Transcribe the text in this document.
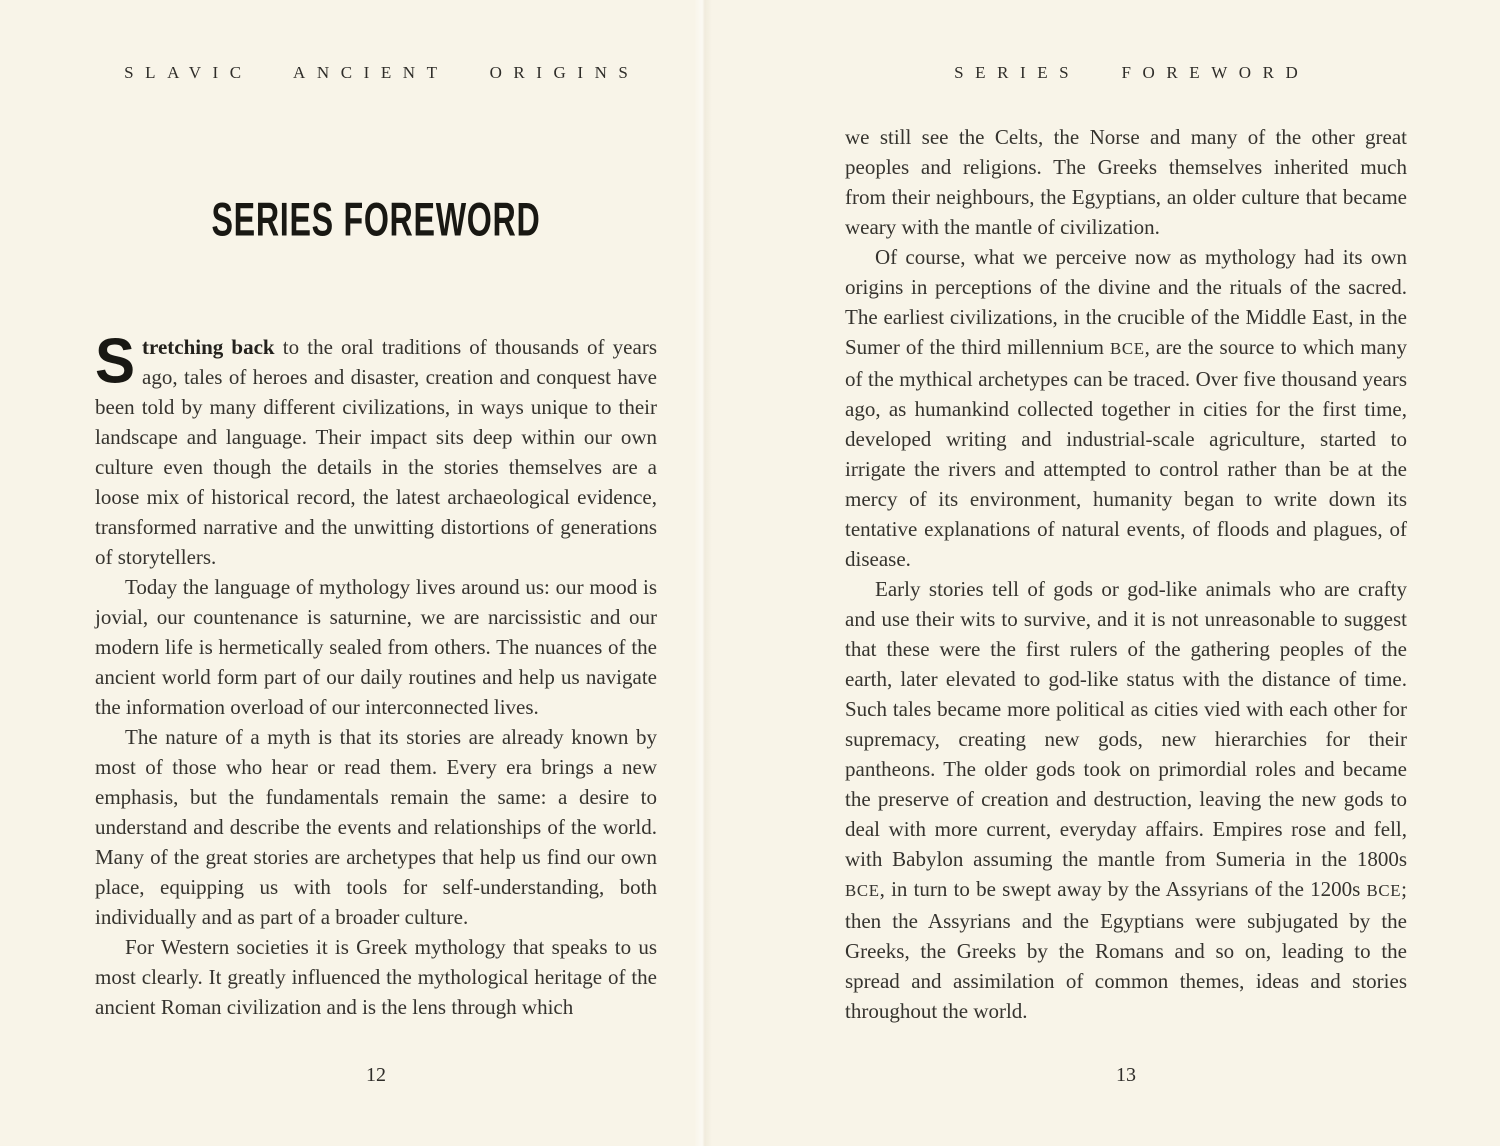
SLAVIC ANCIENT ORIGINS
SERIES FOREWORD

Stretching back to the oral traditions of thousands of years ago, tales of heroes and disaster, creation and conquest have been told by many different civilizations, in ways unique to their landscape and language. Their impact sits deep within our own culture even though the details in the stories themselves are a loose mix of historical record, the latest archaeological evidence, transformed narrative and the unwitting distortions of generations of storytellers.

Today the language of mythology lives around us: our mood is jovial, our countenance is saturnine, we are narcissistic and our modern life is hermetically sealed from others. The nuances of the ancient world form part of our daily routines and help us navigate the information overload of our interconnected lives.

The nature of a myth is that its stories are already known by most of those who hear or read them. Every era brings a new emphasis, but the fundamentals remain the same: a desire to understand and describe the events and relationships of the world. Many of the great stories are archetypes that help us find our own place, equipping us with tools for self-understanding, both individually and as part of a broader culture.

For Western societies it is Greek mythology that speaks to us most clearly. It greatly influenced the mythological heritage of the ancient Roman civilization and is the lens through which

12
SERIES FOREWORD

we still see the Celts, the Norse and many of the other great peoples and religions. The Greeks themselves inherited much from their neighbours, the Egyptians, an older culture that became weary with the mantle of civilization.

Of course, what we perceive now as mythology had its own origins in perceptions of the divine and the rituals of the sacred. The earliest civilizations, in the crucible of the Middle East, in the Sumer of the third millennium BCE, are the source to which many of the mythical archetypes can be traced. Over five thousand years ago, as humankind collected together in cities for the first time, developed writing and industrial-scale agriculture, started to irrigate the rivers and attempted to control rather than be at the mercy of its environment, humanity began to write down its tentative explanations of natural events, of floods and plagues, of disease.

Early stories tell of gods or god-like animals who are crafty and use their wits to survive, and it is not unreasonable to suggest that these were the first rulers of the gathering peoples of the earth, later elevated to god-like status with the distance of time. Such tales became more political as cities vied with each other for supremacy, creating new gods, new hierarchies for their pantheons. The older gods took on primordial roles and became the preserve of creation and destruction, leaving the new gods to deal with more current, everyday affairs. Empires rose and fell, with Babylon assuming the mantle from Sumeria in the 1800s BCE, in turn to be swept away by the Assyrians of the 1200s BCE; then the Assyrians and the Egyptians were subjugated by the Greeks, the Greeks by the Romans and so on, leading to the spread and assimilation of common themes, ideas and stories throughout the world.

13
